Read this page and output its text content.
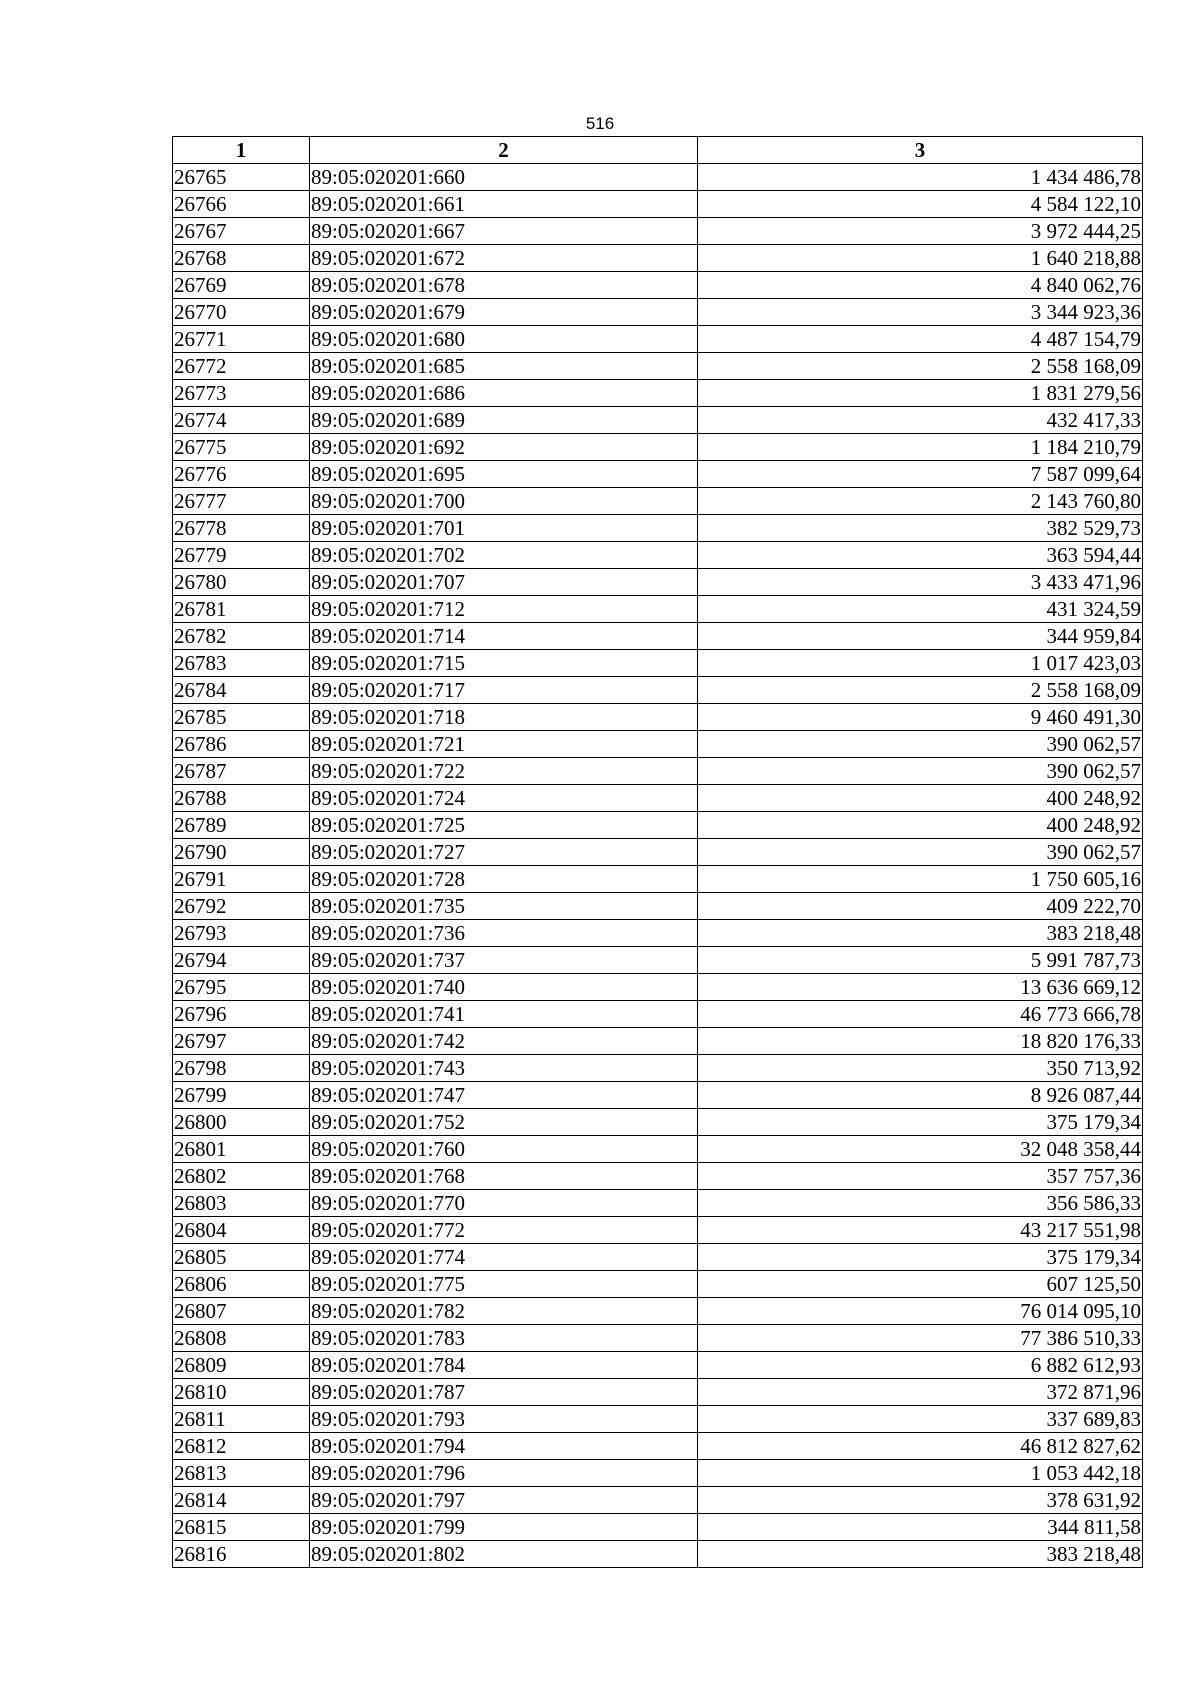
516
1	2	3
26765	89:05:020201:660	1 434 486,78
26766	89:05:020201:661	4 584 122,10
26767	89:05:020201:667	3 972 444,25
26768	89:05:020201:672	1 640 218,88
26769	89:05:020201:678	4 840 062,76
26770	89:05:020201:679	3 344 923,36
26771	89:05:020201:680	4 487 154,79
26772	89:05:020201:685	2 558 168,09
26773	89:05:020201:686	1 831 279,56
26774	89:05:020201:689	432 417,33
26775	89:05:020201:692	1 184 210,79
26776	89:05:020201:695	7 587 099,64
26777	89:05:020201:700	2 143 760,80
26778	89:05:020201:701	382 529,73
26779	89:05:020201:702	363 594,44
26780	89:05:020201:707	3 433 471,96
26781	89:05:020201:712	431 324,59
26782	89:05:020201:714	344 959,84
26783	89:05:020201:715	1 017 423,03
26784	89:05:020201:717	2 558 168,09
26785	89:05:020201:718	9 460 491,30
26786	89:05:020201:721	390 062,57
26787	89:05:020201:722	390 062,57
26788	89:05:020201:724	400 248,92
26789	89:05:020201:725	400 248,92
26790	89:05:020201:727	390 062,57
26791	89:05:020201:728	1 750 605,16
26792	89:05:020201:735	409 222,70
26793	89:05:020201:736	383 218,48
26794	89:05:020201:737	5 991 787,73
26795	89:05:020201:740	13 636 669,12
26796	89:05:020201:741	46 773 666,78
26797	89:05:020201:742	18 820 176,33
26798	89:05:020201:743	350 713,92
26799	89:05:020201:747	8 926 087,44
26800	89:05:020201:752	375 179,34
26801	89:05:020201:760	32 048 358,44
26802	89:05:020201:768	357 757,36
26803	89:05:020201:770	356 586,33
26804	89:05:020201:772	43 217 551,98
26805	89:05:020201:774	375 179,34
26806	89:05:020201:775	607 125,50
26807	89:05:020201:782	76 014 095,10
26808	89:05:020201:783	77 386 510,33
26809	89:05:020201:784	6 882 612,93
26810	89:05:020201:787	372 871,96
26811	89:05:020201:793	337 689,83
26812	89:05:020201:794	46 812 827,62
26813	89:05:020201:796	1 053 442,18
26814	89:05:020201:797	378 631,92
26815	89:05:020201:799	344 811,58
26816	89:05:020201:802	383 218,48
